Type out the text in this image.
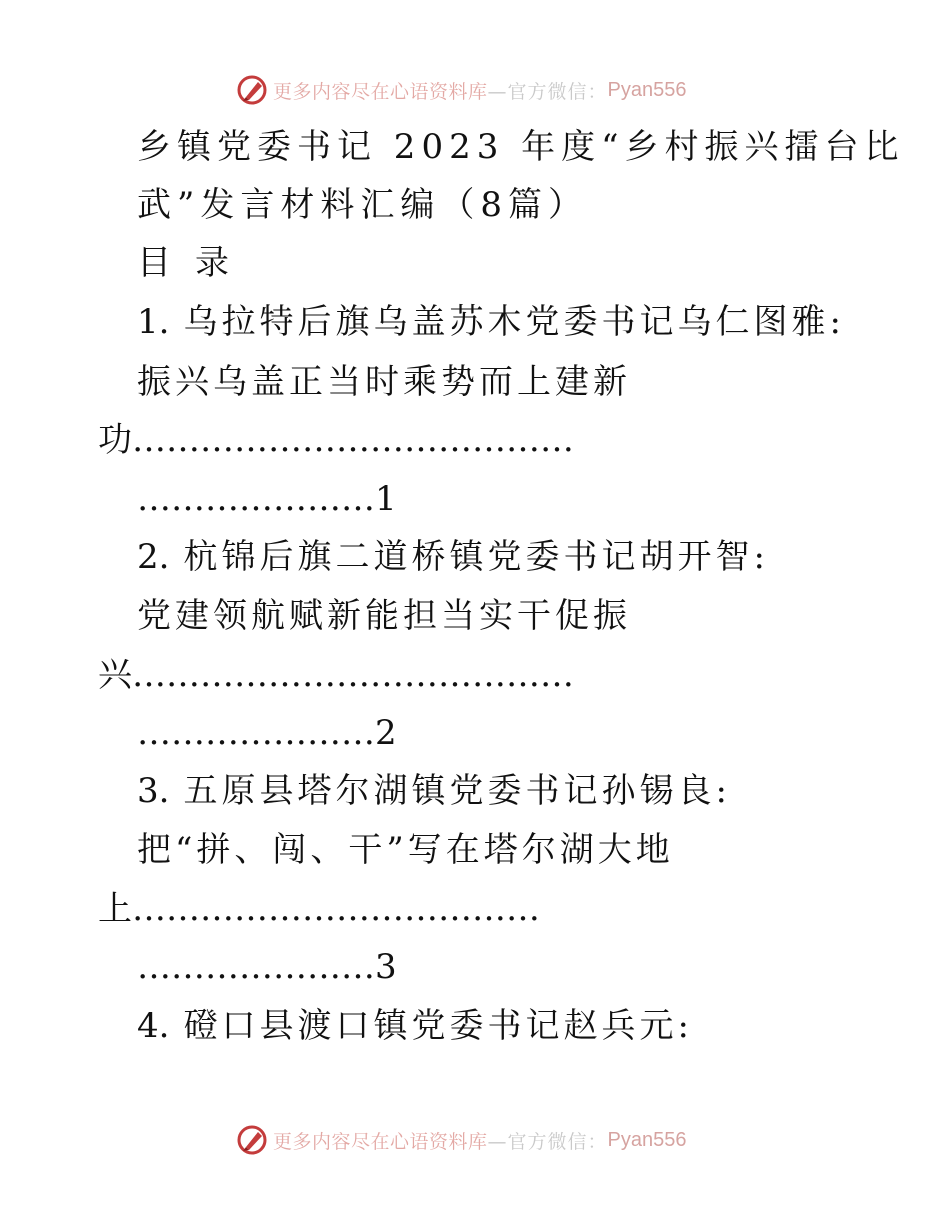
更多内容尽在心语资料库 —官方微信： Pyan556
乡镇党委书记 2023 年度“乡村振兴擂台比
武”发言材料汇编（8篇）
目录
1. 乌拉特后旗乌盖苏木党委书记乌仁图雅:
振兴乌盖正当时乘势而上建新
功…………………………………
…………………1
2. 杭锦后旗二道桥镇党委书记胡开智:
党建领航赋新能担当实干促振
兴…………………………………
…………………2
3. 五原县塔尔湖镇党委书记孙锡良:
把“拼、闯、干”写在塔尔湖大地
上………………………………
…………………3
4. 磴口县渡口镇党委书记赵兵元:
更多内容尽在心语资料库 —官方微信： Pyan556
